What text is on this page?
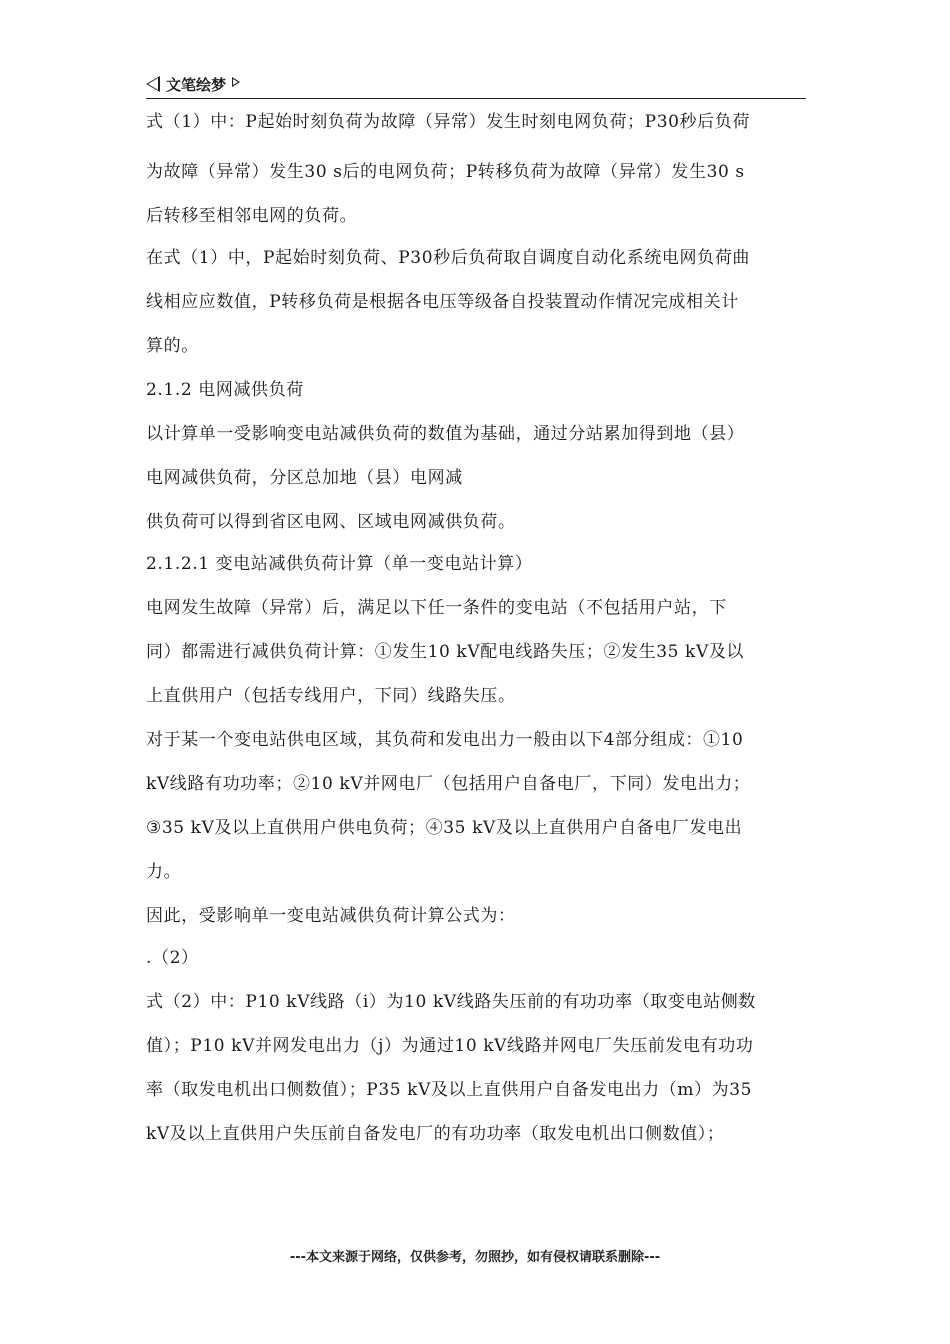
文笔绘梦
式（1）中：P起始时刻负荷为故障（异常）发生时刻电网负荷；P30秒后负荷
为故障（异常）发生30 s后的电网负荷；P转移负荷为故障（异常）发生30 s
后转移至相邻电网的负荷。
在式（1）中，P起始时刻负荷、P30秒后负荷取自调度自动化系统电网负荷曲
线相应应数值，P转移负荷是根据各电压等级备自投装置动作情况完成相关计
算的。
2.1.2 电网减供负荷
以计算单一受影响变电站减供负荷的数值为基础，通过分站累加得到地（县）
电网减供负荷，分区总加地（县）电网减
供负荷可以得到省区电网、区域电网减供负荷。
2.1.2.1 变电站减供负荷计算（单一变电站计算）
电网发生故障（异常）后，满足以下任一条件的变电站（不包括用户站，下
同）都需进行减供负荷计算：①发生10 kV配电线路失压；②发生35 kV及以
上直供用户（包括专线用户，下同）线路失压。
对于某一个变电站供电区域，其负荷和发电出力一般由以下4部分组成：①10
kV线路有功功率；②10 kV并网电厂（包括用户自备电厂，下同）发电出力；
③35 kV及以上直供用户供电负荷；④35 kV及以上直供用户自备电厂发电出
力。
因此，受影响单一变电站减供负荷计算公式为：
.（2）
式（2）中：P10 kV线路（i）为10 kV线路失压前的有功功率（取变电站侧数
值）；P10 kV并网发电出力（j）为通过10 kV线路并网电厂失压前发电有功功
率（取发电机出口侧数值）；P35 kV及以上直供用户自备发电出力（m）为35
kV及以上直供用户失压前自备发电厂的有功功率（取发电机出口侧数值）；
---本文来源于网络，仅供参考，勿照抄，如有侵权请联系删除---
